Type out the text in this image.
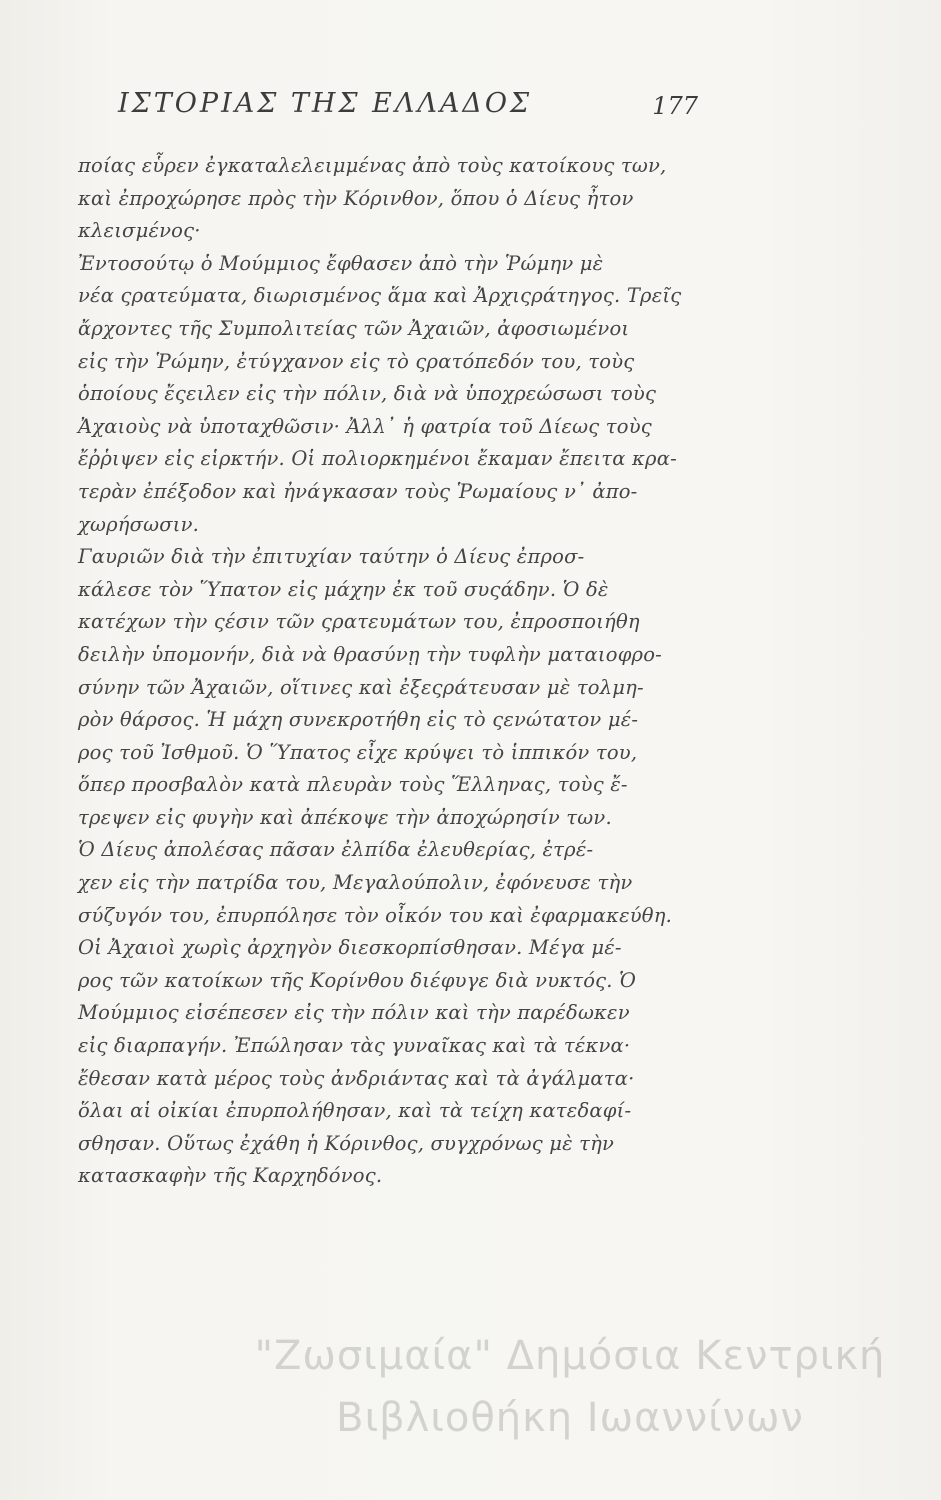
ΙΣΤΟΡΙΑΣ ΤΗΣ ΕΛΛΑΔΟΣ	177
ποίας εὗρεν ἐγκαταλελειμμένας ἀπὸ τοὺς κατοίκους των,
καὶ ἐπροχώρησε πρὸς τὴν Κόρινθον, ὅπου ὁ Δίευς ἦτον
κλεισμένος·
Ἐντοσούτῳ ὁ Μούμμιος ἔφθασεν ἀπὸ τὴν Ῥώμην μὲ
νέα ςρατεύματα, διωρισμένος ἅμα καὶ Ἀρχιςράτηγος. Τρεῖς
ἄρχοντες τῆς Συμπολιτείας τῶν Ἀχαιῶν, ἀφοσιωμένοι
εἰς τὴν Ῥώμην, ἐτύγχανον εἰς τὸ ςρατόπεδόν του, τοὺς
ὁποίους ἔςειλεν εἰς τὴν πόλιν, διὰ νὰ ὑποχρεώσωσι τοὺς
Ἀχαιοὺς νὰ ὑποταχθῶσιν· Ἀλλ᾽ ἡ φατρία τοῦ Δίεως τοὺς
ἔῤῥιψεν εἰς εἱρκτήν. Οἱ πολιορκημένοι ἔκαμαν ἔπειτα κρα-
τερὰν ἐπέξοδον καὶ ἠνάγκασαν τοὺς Ῥωμαίους ν᾽ ἀπο-
χωρήσωσιν.
Γαυριῶν διὰ τὴν ἐπιτυχίαν ταύτην ὁ Δίευς ἐπροσ-
κάλεσε τὸν Ὕπατον εἰς μάχην ἐκ τοῦ συςάδην. Ὁ δὲ
κατέχων τὴν ςέσιν τῶν ςρατευμάτων του, ἐπροσποιήθη
δειλὴν ὑπομονήν, διὰ νὰ θρασύνῃ τὴν τυφλὴν ματαιοφρο-
σύνην τῶν Ἀχαιῶν, οἵτινες καὶ ἐξεςράτευσαν μὲ τολμη-
ρὸν θάρσος. Ἡ μάχη συνεκροτήθη εἰς τὸ ςενώτατον μέ-
ρος τοῦ Ἰσθμοῦ. Ὁ Ὕπατος εἶχε κρύψει τὸ ἱππικόν του,
ὅπερ προσβαλὸν κατὰ πλευρὰν τοὺς Ἕλληνας, τοὺς ἔ-
τρεψεν εἰς φυγὴν καὶ ἀπέκοψε τὴν ἀποχώρησίν των.
Ὁ Δίευς ἀπολέσας πᾶσαν ἐλπίδα ἐλευθερίας, ἐτρέ-
χεν εἰς τὴν πατρίδα του, Μεγαλούπολιν, ἐφόνευσε τὴν
σύζυγόν του, ἐπυρπόλησε τὸν οἶκόν του καὶ ἐφαρμακεύθη.
Οἱ Ἀχαιοὶ χωρὶς ἀρχηγὸν διεσκορπίσθησαν. Μέγα μέ-
ρος τῶν κατοίκων τῆς Κορίνθου διέφυγε διὰ νυκτός. Ὁ
Μούμμιος εἰσέπεσεν εἰς τὴν πόλιν καὶ τὴν παρέδωκεν
εἰς διαρπαγήν. Ἐπώλησαν τὰς γυναῖκας καὶ τὰ τέκνα·
ἔθεσαν κατὰ μέρος τοὺς ἀνδριάντας καὶ τὰ ἀγάλματα·
ὅλαι αἱ οἰκίαι ἐπυρπολήθησαν, καὶ τὰ τείχη κατεδαφί-
σθησαν. Οὕτως ἐχάθη ἡ Κόρινθος, συγχρόνως μὲ τὴν
κατασκαφὴν τῆς Καρχηδόνος.
"Ζωσιμαία" Δημόσια Κεντρική
Βιβλιοθήκη Ιωαννίνων
